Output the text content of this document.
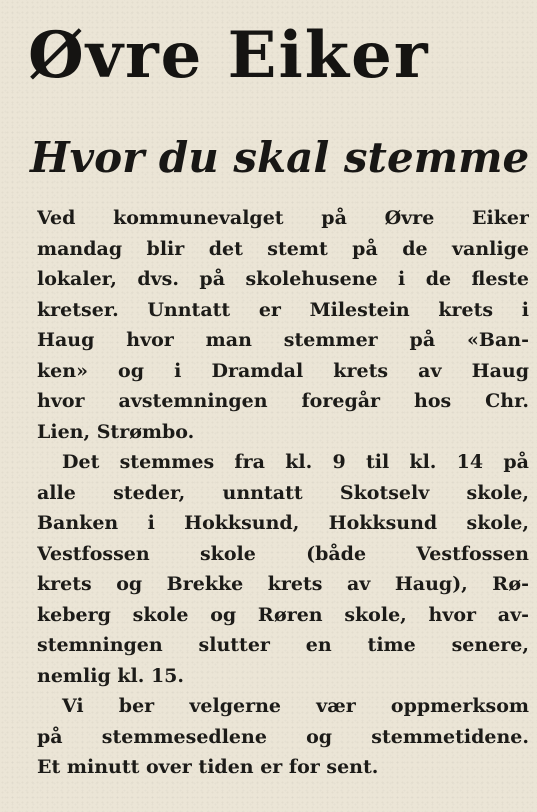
Øvre Eiker
Hvor du skal stemme
Ved kommunevalget på Øvre Eiker
mandag blir det stemt på de vanlige
lokaler, dvs. på skolehusene i de fleste
kretser. Unntatt er Milestein krets i
Haug hvor man stemmer på «Ban-
ken» og i Dramdal krets av Haug
hvor avstemningen foregår hos Chr.
Lien, Strømbo.
Det stemmes fra kl. 9 til kl. 14 på
alle steder, unntatt Skotselv skole,
Banken i Hokksund, Hokksund skole,
Vestfossen skole (både Vestfossen
krets og Brekke krets av Haug), Rø-
keberg skole og Røren skole, hvor av-
stemningen slutter en time senere,
nemlig kl. 15.
Vi ber velgerne vær oppmerksom
på stemmesedlene og stemmetidene.
Et minutt over tiden er for sent.
